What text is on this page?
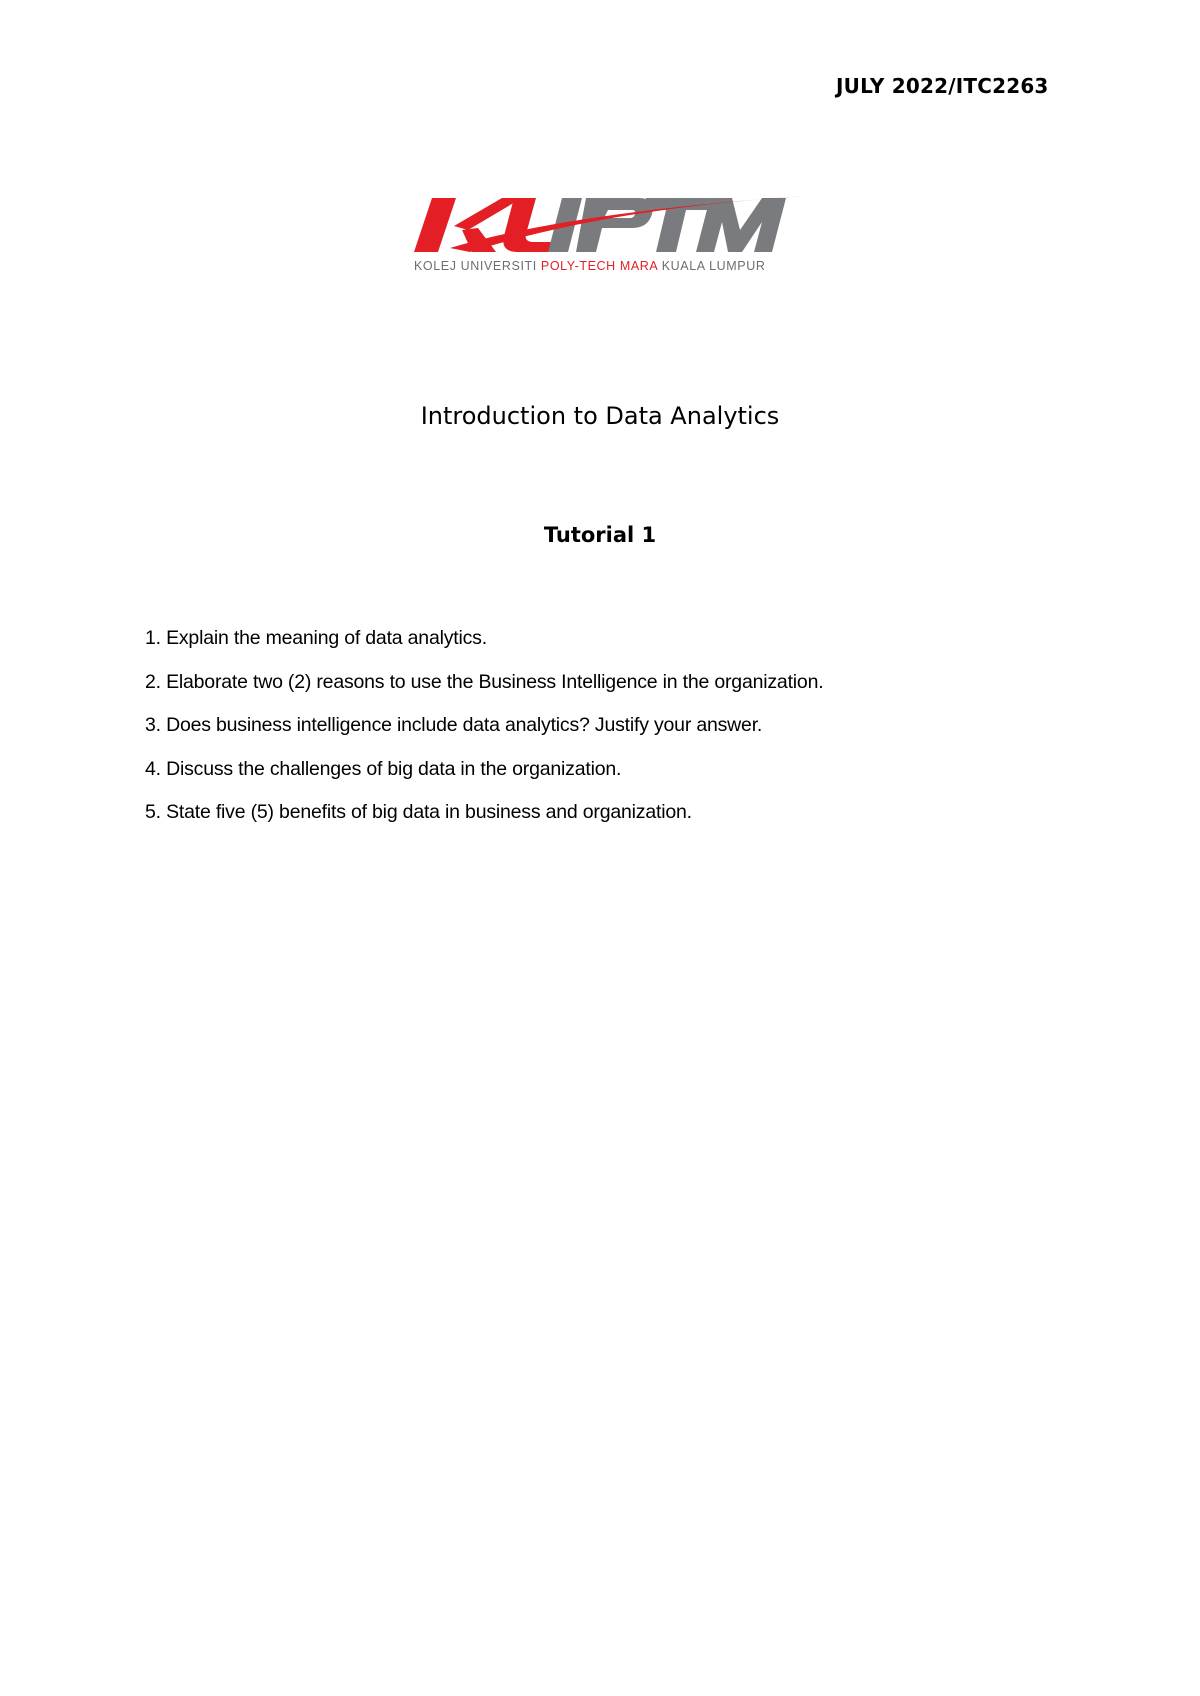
JULY 2022/ITC2263
KOLEJ UNIVERSITI POLY-TECH MARA KUALA LUMPUR
Introduction to Data Analytics
Tutorial 1
1. Explain the meaning of data analytics.
2. Elaborate two (2) reasons to use the Business Intelligence in the organization.
3. Does business intelligence include data analytics? Justify your answer.
4. Discuss the challenges of big data in the organization.
5. State five (5) benefits of big data in business and organization.
